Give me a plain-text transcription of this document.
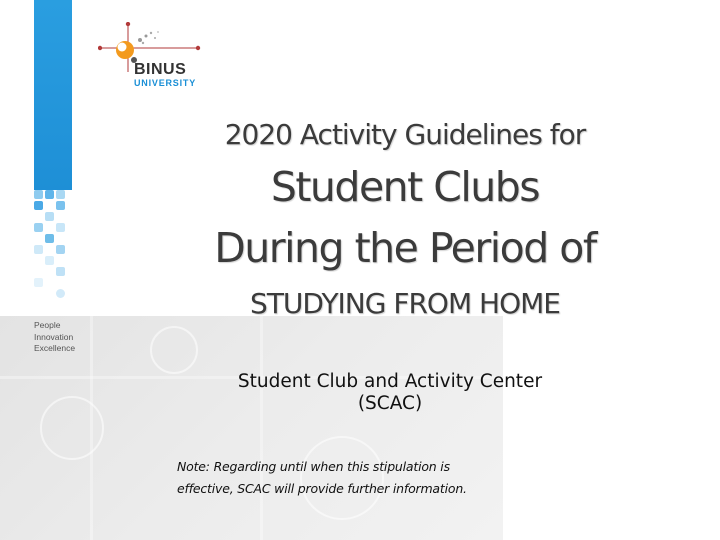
People
Innovation
Excellence
BINUS
UNIVERSITY
2020 Activity Guidelines for
Student Clubs
During the Period of
STUDYING FROM HOME
Student Club and Activity Center
(SCAC)
Note: Regarding until when this stipulation is
effective, SCAC will provide further information.
